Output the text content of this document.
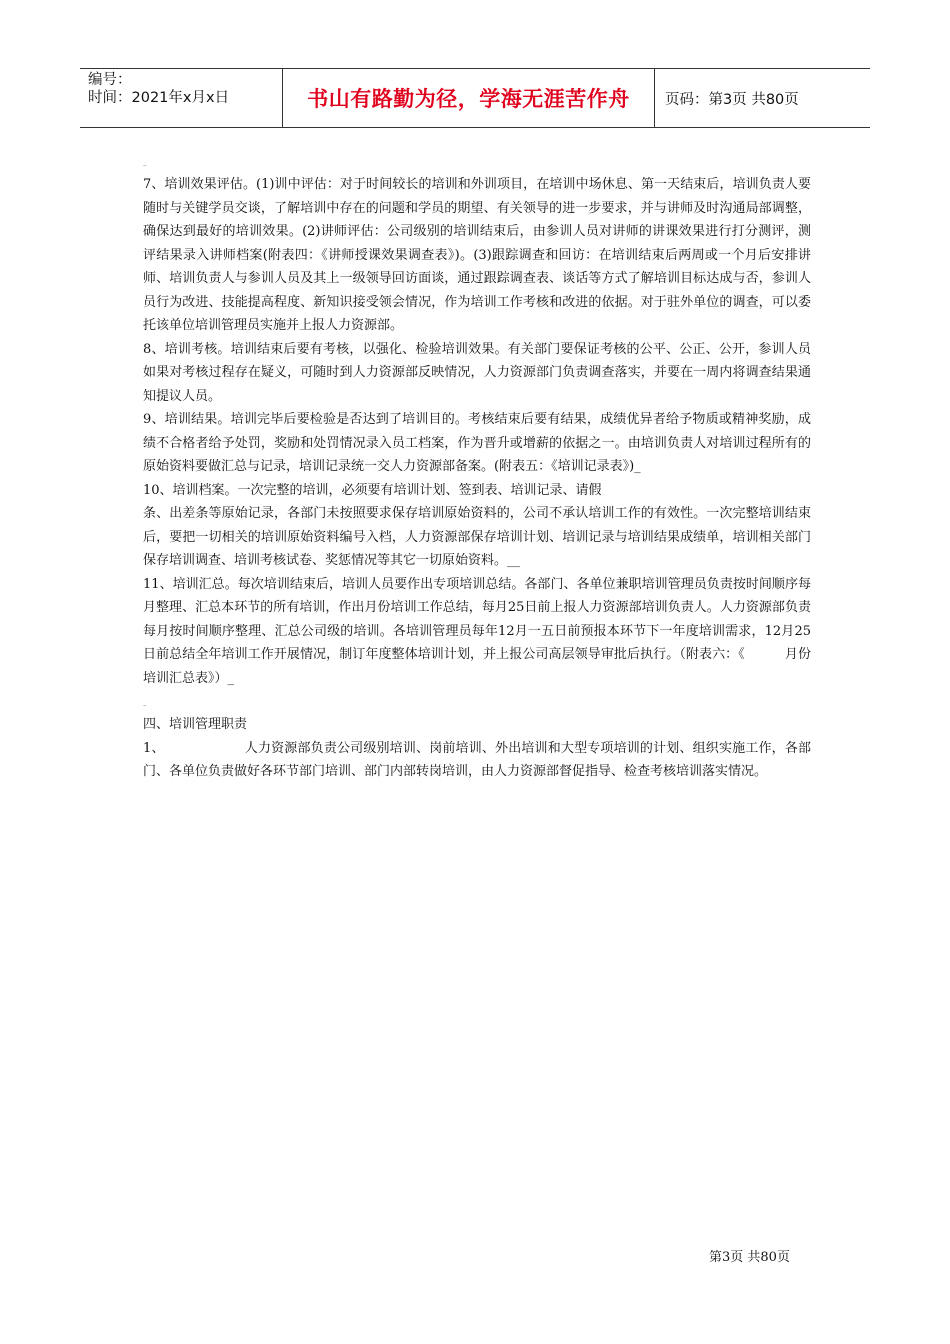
编号：
时间：2021年x月x日	书山有路勤为径，学海无涯苦作舟	页码：第3页 共80页
–

7、培训效果评估。(1)训中评估：对于时间较长的培训和外训项目，在培训中场休息、第一天结束后，培训负责人要随时与关键学员交谈，了解培训中存在的问题和学员的期望、有关领导的进一步要求，并与讲师及时沟通局部调整，确保达到最好的培训效果。(2)讲师评估：公司级别的培训结束后，由参训人员对讲师的讲课效果进行打分测评，测评结果录入讲师档案(附表四：《讲师授课效果调查表》)。(3)跟踪调查和回访：在培训结束后两周或一个月后安排讲师、培训负责人与参训人员及其上一级领导回访面谈，通过跟踪调查表、谈话等方式了解培训目标达成与否，参训人员行为改进、技能提高程度、新知识接受领会情况，作为培训工作考核和改进的依据。对于驻外单位的调查，可以委托该单位培训管理员实施并上报人力资源部。

8、培训考核。培训结束后要有考核，以强化、检验培训效果。有关部门要保证考核的公平、公正、公开，参训人员如果对考核过程存在疑义，可随时到人力资源部反映情况，人力资源部门负责调查落实，并要在一周内将调查结果通知提议人员。

9、培训结果。培训完毕后要检验是否达到了培训目的。考核结束后要有结果，成绩优异者给予物质或精神奖励，成绩不合格者给予处罚，奖励和处罚情况录入员工档案，作为晋升或增薪的依据之一。由培训负责人对培训过程所有的原始资料要做汇总与记录，培训记录统一交人力资源部备案。(附表五：《培训记录表》)_

10、培训档案。一次完整的培训，必须要有培训计划、签到表、培训记录、请假

条、出差条等原始记录，各部门未按照要求保存培训原始资料的，公司不承认培训工作的有效性。一次完整培训结束后，要把一切相关的培训原始资料编号入档，人力资源部保存培训计划、培训记录与培训结果成绩单，培训相关部门保存培训调查、培训考核试卷、奖惩情况等其它一切原始资料。__

11、培训汇总。每次培训结束后，培训人员要作出专项培训总结。各部门、各单位兼职培训管理员负责按时间顺序每月整理、汇总本环节的所有培训，作出月份培训工作总结，每月25日前上报人力资源部培训负责人。人力资源部负责每月按时间顺序整理、汇总公司级的培训。各培训管理员每年12月一五日前预报本环节下一年度培训需求，12月25日前总结全年培训工作开展情况，制订年度整体培训计划，并上报公司高层领导审批后执行。（附表六：《	月份培训汇总表》）_

–

四、培训管理职责

1、	人力资源部负责公司级别培训、岗前培训、外出培训和大型专项培训的计划、组织实施工作，各部门、各单位负责做好各环节部门培训、部门内部转岗培训，由人力资源部督促指导、检查考核培训落实情况。

第3页 共80页
